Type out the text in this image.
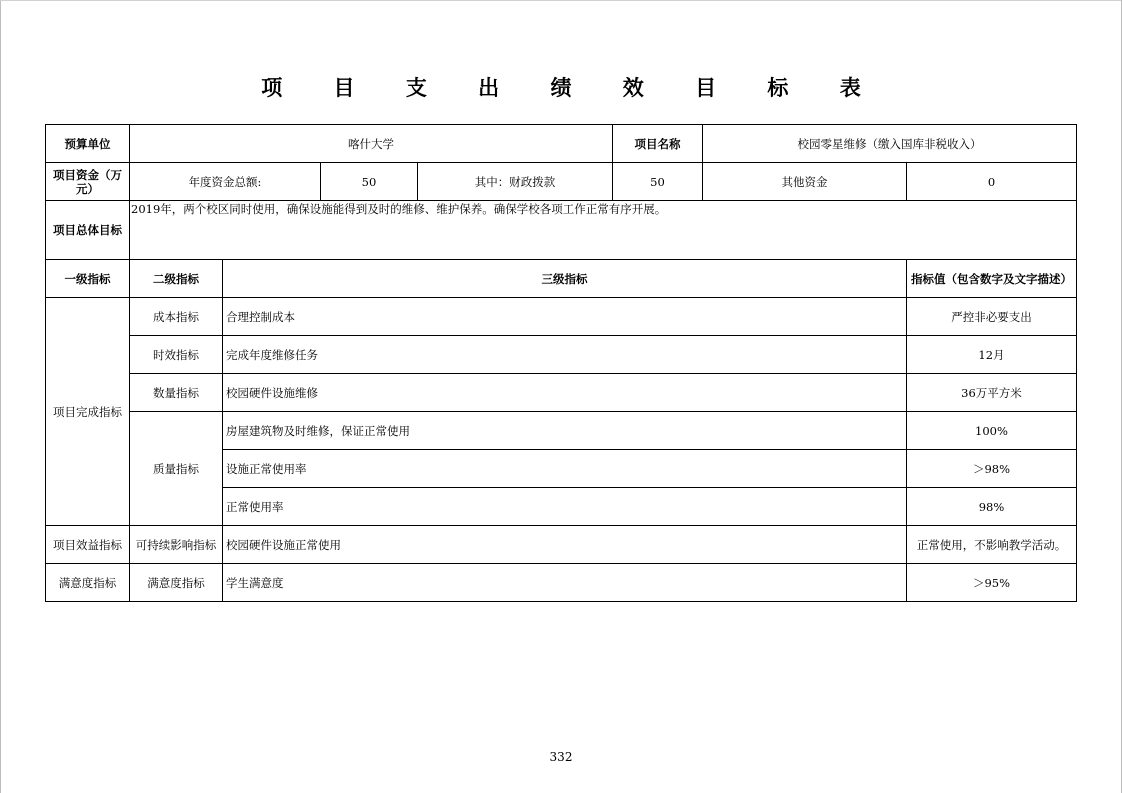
项 目 支 出 绩 效 目 标 表
预算单位	喀什大学				项目名称	校园零星维修（缴入国库非税收入）	
项目资金（万元）	年度资金总额:		50	其中：财政拨款	50	其他资金	0
项目总体目标	2019年，两个校区同时使用，确保设施能得到及时的维修、维护保养。确保学校各项工作正常有序开展。						
一级指标	二级指标	三级指标					指标值（包含数字及文字描述）
项目完成指标	成本指标	合理控制成本					严控非必要支出
	时效指标	完成年度维修任务					12月
	数量指标	校园硬件设施维修					36万平方米
	质量指标	房屋建筑物及时维修，保证正常使用					100%
		设施正常使用率					＞98%
		正常使用率					98%
项目效益指标	可持续影响指标	校园硬件设施正常使用					正常使用，不影响教学活动。
满意度指标	满意度指标	学生满意度					＞95%
332
